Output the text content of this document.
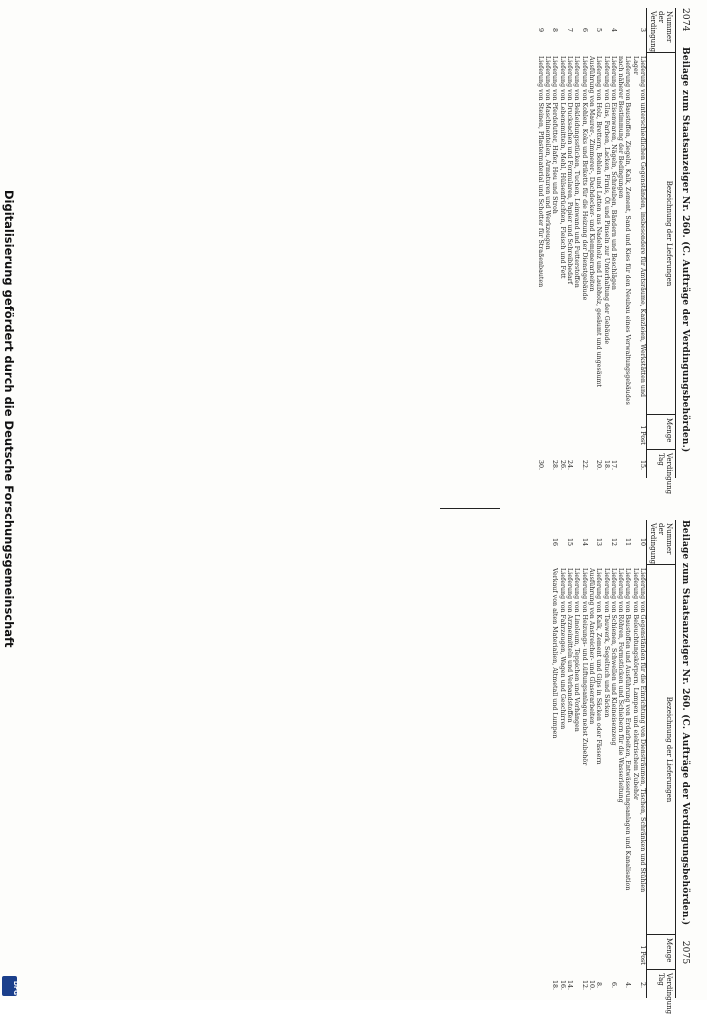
Digitalisierung gefördert durch die Deutsche Forschungsgemeinschaft
DFG
2074     Beilage zum Staatsanzeiger Nr. 260. (C. Aufträge der Verdingungsbehörden.)
Nummer der Verdingung
Bezeichnung der Lieferungen
Menge
Verdingung Tag
3
Lieferung von unterschiedlichen Gegenständen, insbesondere für Amtsräume, Kanzleien, Werkstätten und Lager
1 Post
15.
Lieferung von Baustoffen, Ziegeln, Kalk, Zement, Sand und Kies für den Neubau eines Verwaltungsgebäudes nach näherer Bestimmung der Bedingungen
4
Lieferung von Eisenwaren, Nägeln, Schrauben, Bändern und Beschlägen
17.
Lieferung von Glas, Farben, Lacken, Firnis, Öl und Pinseln zur Unterhaltung der Gebäude
18.
5
Lieferung von Holz, Brettern, Bohlen und Latten aus Nadelholz und Laubholz, gesäumt und ungesäumt
20.
Ausführung von Maurer-, Zimmerer-, Dachdecker- und Klempnerarbeiten
6
Lieferung von Kohlen, Koks und Briketts für die Heizung der Dienstgebäude
22.
Lieferung von Bekleidungsstücken, Tuchen, Leinwand und Futterstoffen
7
Lieferung von Drucksachen und Formularen, Papier und Schreibbedarf
24.
Lieferung von Lebensmitteln, Mehl, Hülsenfrüchten, Fleisch und Fett
26.
8
Lieferung von Pferdefutter, Hafer, Heu und Stroh
28.
Lieferung von Maschinenteilen, Armaturen und Werkzeugen
9
Lieferung von Steinen, Pflastermaterial und Schotter für Straßenbauten
30.
Beilage zum Staatsanzeiger Nr. 260. (C. Aufträge der Verdingungsbehörden.)     2075
Nummer der Verdingung
Bezeichnung der Lieferungen
Menge
Verdingung Tag
10
Lieferung von Gegenständen für die Einrichtung von Diensträumen, Tischen, Schränken und Stühlen
1 Post
2.
Lieferung von Beleuchtungskörpern, Lampen und elektrischem Zubehör
11
Lieferung von Baustoffen und Ausführung von Erdarbeiten, Entwässerungsanlagen und Kanalisation
4.
Lieferung von Röhren, Formstücken und Schiebern für die Wasserleitung
12
Lieferung von Schienen, Schwellen und Kleineisenzeug
6.
Lieferung von Tauwerk, Segeltuch und Säcken
13
Lieferung von Kalk, Zement und Gips in Säcken oder Fässern
8.
Ausführung von Anstreicher- und Glaserarbeiten
10.
14
Lieferung von Heizungs- und Lüftungsanlagen nebst Zubehör
12.
Lieferung von Linoleum, Teppichen und Vorhängen
15
Lieferung von Arzneimitteln und Verbandstoffen
14.
Lieferung von Fahrzeugen, Wagen und Geschirren
16.
16
Verkauf von alten Materialien, Altmetall und Lumpen
18.
